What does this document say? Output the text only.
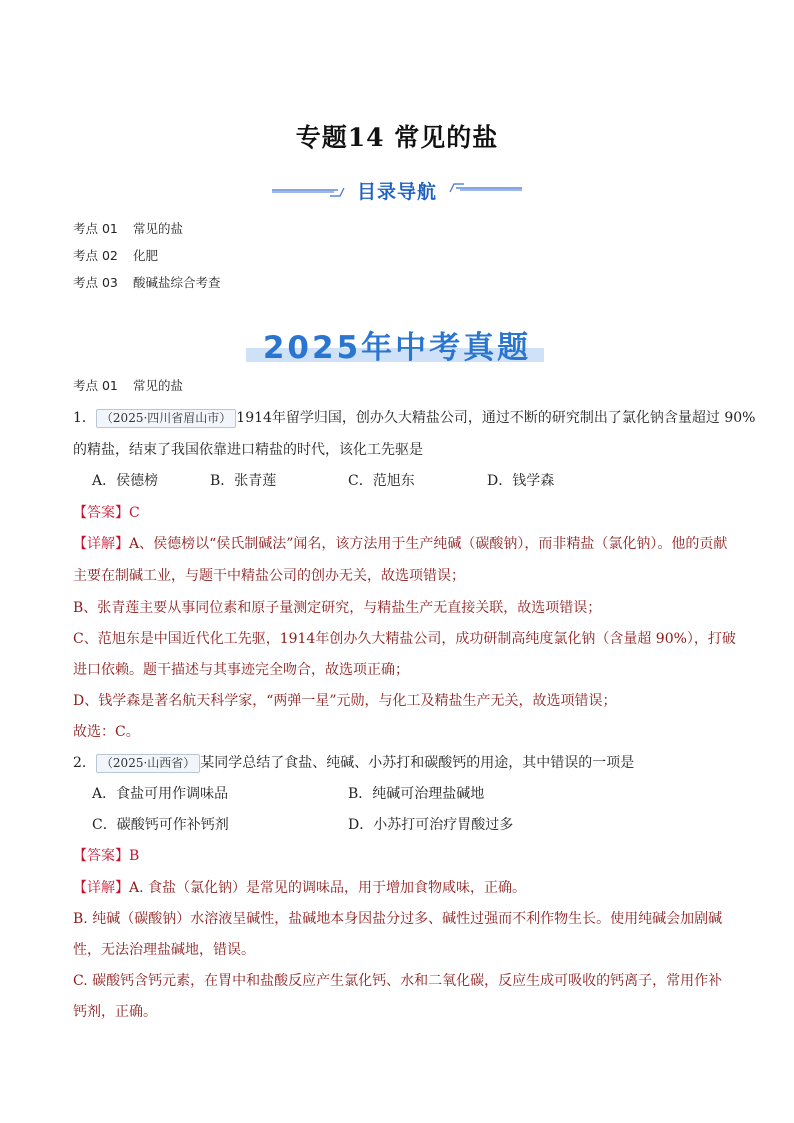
专题14 常见的盐
目录导航
考点 01 常见的盐
考点 02 化肥
考点 03 酸碱盐综合考查
2025年中考真题
考点 01 常见的盐
1． （2025·四川省眉山市） 1914年留学归国，创办久大精盐公司，通过不断的研究制出了氯化钠含量超过 90%
的精盐，结束了我国依靠进口精盐的时代，该化工先驱是
A．侯德榜	B．张青莲	C．范旭东	D．钱学森
【答案】C
【详解】A、侯德榜以“侯氏制碱法”闻名，该方法用于生产纯碱（碳酸钠），而非精盐（氯化钠）。他的贡献
主要在制碱工业，与题干中精盐公司的创办无关，故选项错误；
B、张青莲主要从事同位素和原子量测定研究，与精盐生产无直接关联，故选项错误；
C、范旭东是中国近代化工先驱，1914年创办久大精盐公司，成功研制高纯度氯化钠（含量超 90%），打破
进口依赖。题干描述与其事迹完全吻合，故选项正确；
D、钱学森是著名航天科学家，“两弹一星”元勋，与化工及精盐生产无关，故选项错误；
故选：C。
2． （2025·山西省） 某同学总结了食盐、纯碱、小苏打和碳酸钙的用途，其中错误的一项是
A．食盐可用作调味品	B．纯碱可治理盐碱地
C．碳酸钙可作补钙剂	D．小苏打可治疗胃酸过多
【答案】B
【详解】A. 食盐（氯化钠）是常见的调味品，用于增加食物咸味，正确。
B. 纯碱（碳酸钠）水溶液呈碱性，盐碱地本身因盐分过多、碱性过强而不利作物生长。使用纯碱会加剧碱
性，无法治理盐碱地，错误。
C. 碳酸钙含钙元素，在胃中和盐酸反应产生氯化钙、水和二氧化碳，反应生成可吸收的钙离子，常用作补
钙剂，正确。
